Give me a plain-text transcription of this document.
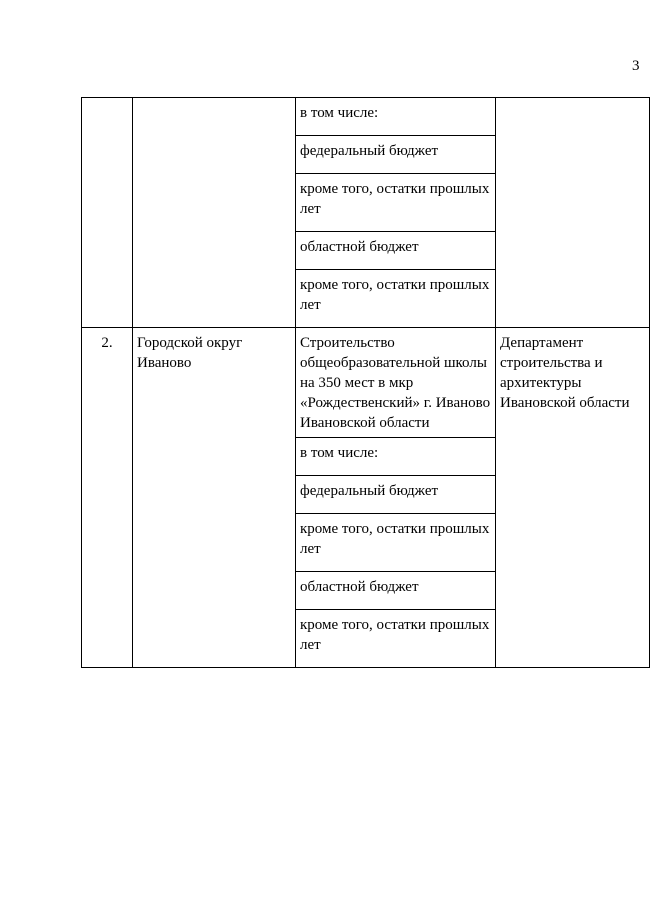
3
		в том числе:	
		федеральный бюджет	
		кроме того, остатки прошлых лет	
		областной бюджет	
		кроме того, остатки прошлых лет	
2.	Городской округ Иваново	Строительство общеобразовательной школы на 350 мест в мкр «Рождественский» г. Иваново Ивановской области	Департамент строительства и архитектуры Ивановской области
		в том числе:	
		федеральный бюджет	
		кроме того, остатки прошлых лет	
		областной бюджет	
		кроме того, остатки прошлых лет	
